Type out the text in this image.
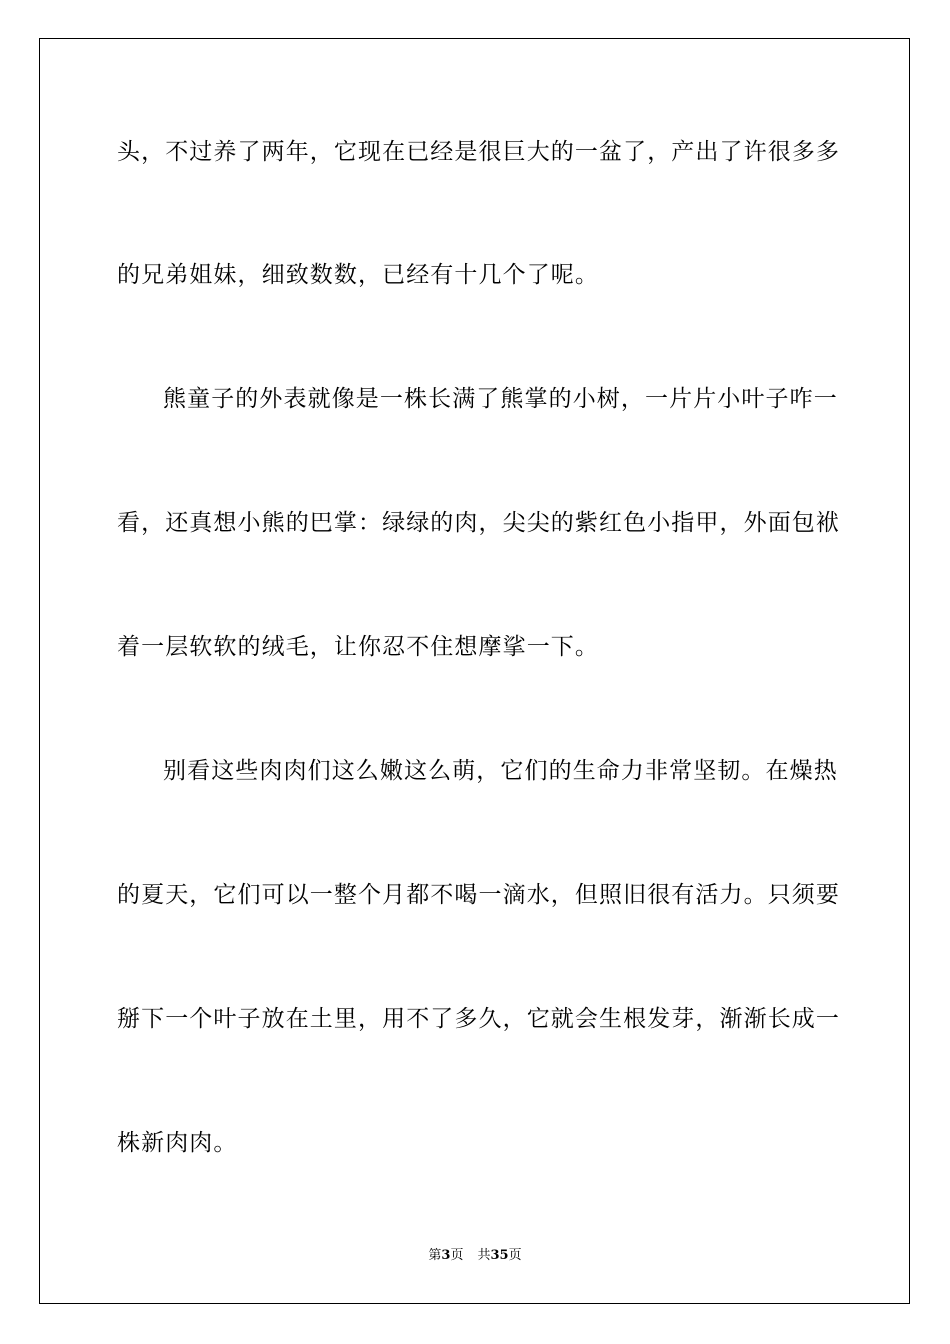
头，不过养了两年，它现在已经是很巨大的一盆了，产出了许很多多
的兄弟姐妹，细致数数，已经有十几个了呢。
熊童子的外表就像是一株长满了熊掌的小树，一片片小叶子咋一
看，还真想小熊的巴掌：绿绿的肉，尖尖的紫红色小指甲，外面包袱
着一层软软的绒毛，让你忍不住想摩挲一下。
别看这些肉肉们这么嫩这么萌，它们的生命力非常坚韧。在燥热
的夏天，它们可以一整个月都不喝一滴水，但照旧很有活力。只须要
掰下一个叶子放在土里，用不了多久，它就会生根发芽，渐渐长成一
株新肉肉。
第3页 共35页
